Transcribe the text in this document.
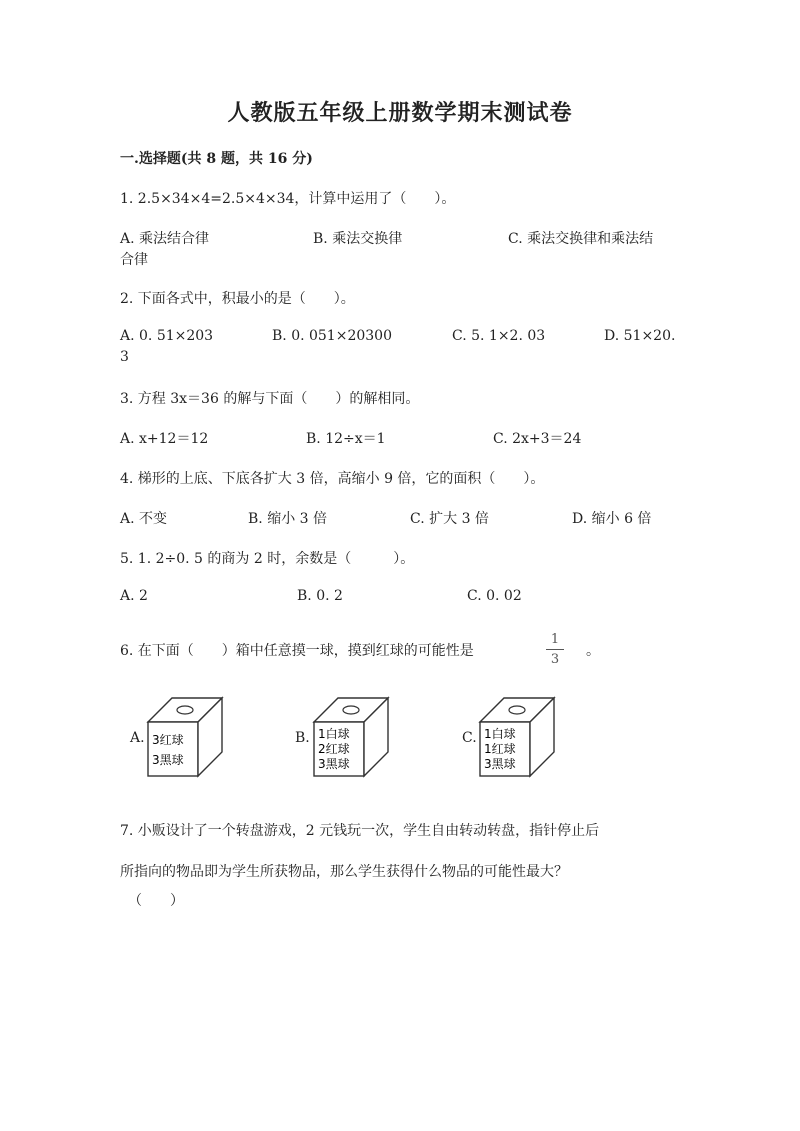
人教版五年级上册数学期末测试卷
一.选择题(共 8 题，共 16 分)
1. 2.5×34×4=2.5×4×34，计算中运用了（　　）。
A. 乘法结合律	B. 乘法交换律	C. 乘法交换律和乘法结
合律
2. 下面各式中，积最小的是（　　）。
A. 0. 51×203	B. 0. 051×20300	C. 5. 1×2. 03	D. 51×20.
3
3. 方程 3x＝36 的解与下面（　　）的解相同。
A. x+12＝12	B. 12÷x＝1	C. 2x+3＝24
4. 梯形的上底、下底各扩大 3 倍，高缩小 9 倍，它的面积（　　）。
A. 不变	B. 缩小 3 倍	C. 扩大 3 倍	D. 缩小 6 倍
5. 1. 2÷0. 5 的商为 2 时，余数是（　　　）。
A. 2	B. 0. 2	C. 0. 02
6. 在下面（　　）箱中任意摸一球，摸到红球的可能性是
1
3
。
A. 3红球
3黑球
B. 1白球
2红球
3黑球
C. 1白球
1红球
3黑球
7. 小贩设计了一个转盘游戏，2 元钱玩一次，学生自由转动转盘，指针停止后
所指向的物品即为学生所获物品，那么学生获得什么物品的可能性最大？
（　　）
